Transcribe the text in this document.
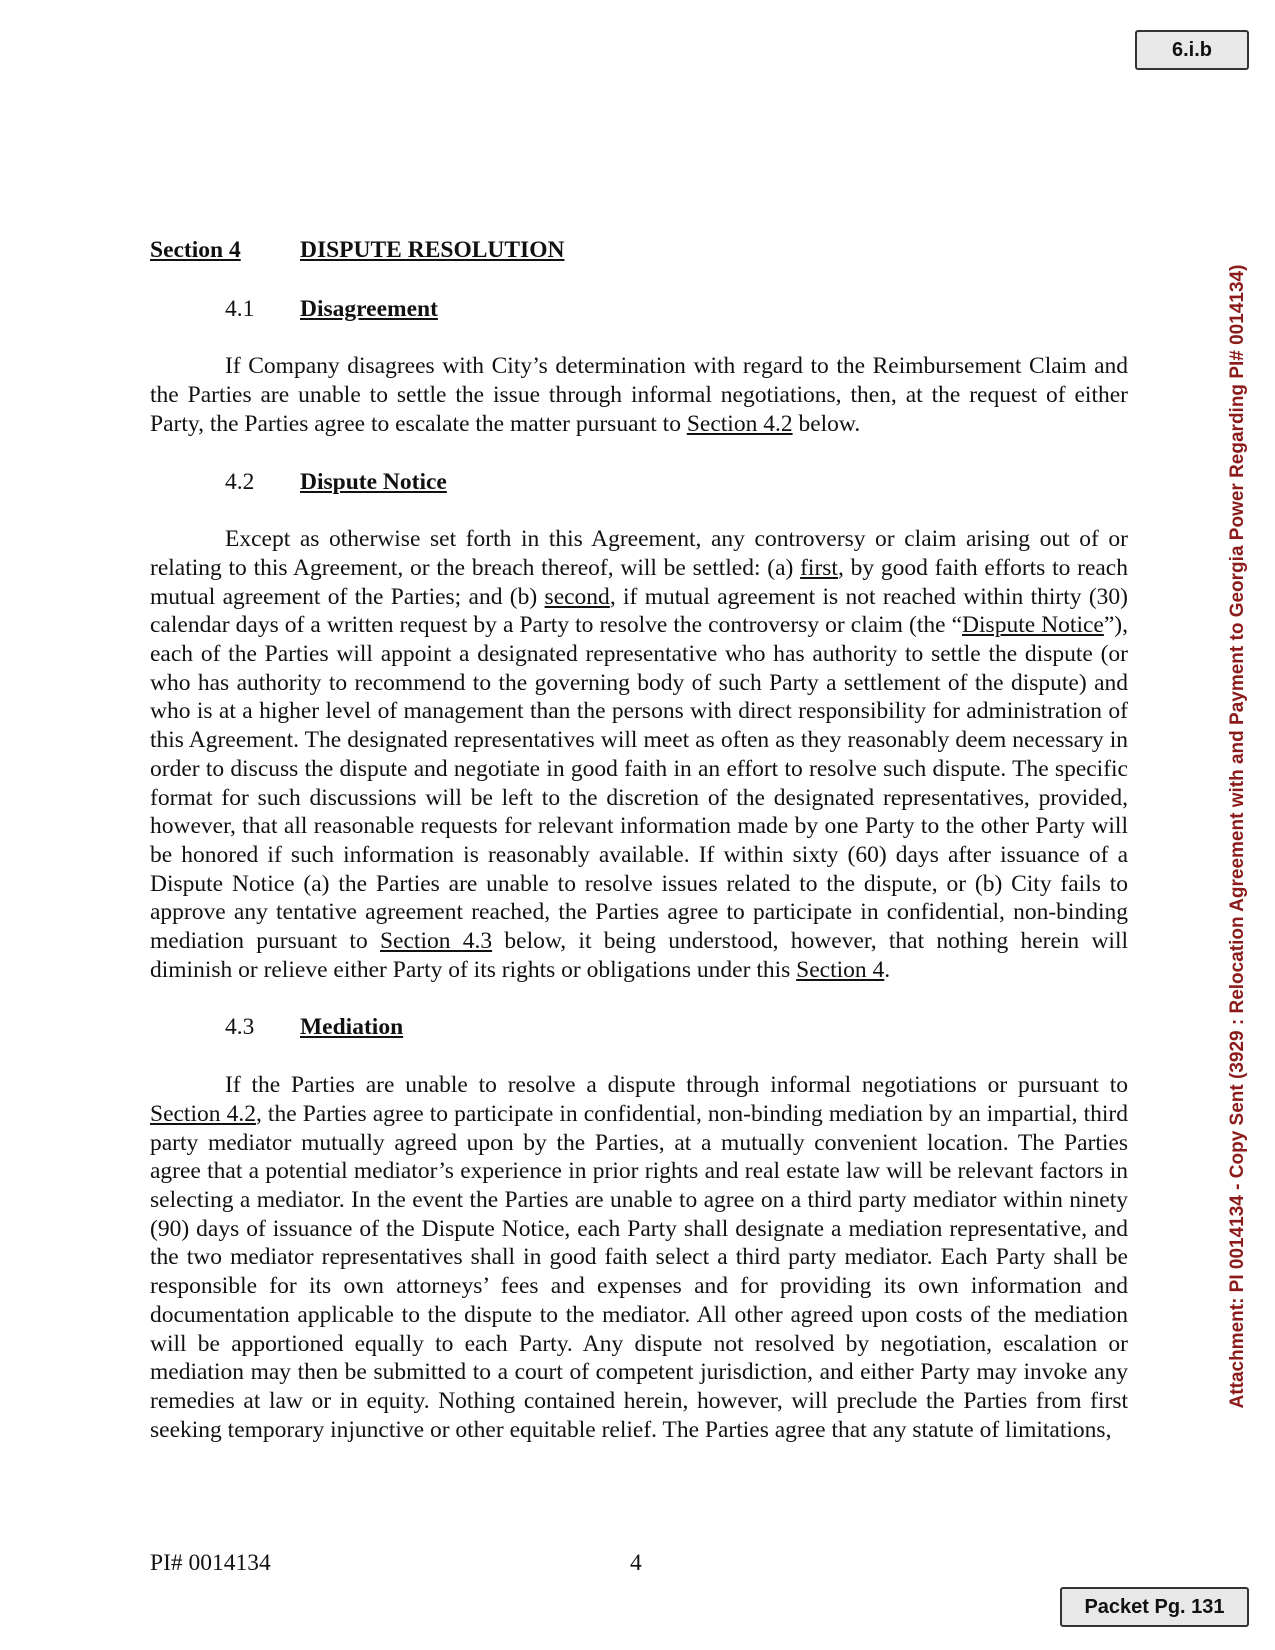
6.i.b
Attachment: PI 0014134 - Copy Sent (3929 : Relocation Agreement with and Payment to Georgia Power Regarding PI# 0014134)
Section 4	DISPUTE RESOLUTION
4.1	Disagreement

If Company disagrees with City’s determination with regard to the Reimbursement Claim and the Parties are unable to settle the issue through informal negotiations, then, at the request of either Party, the Parties agree to escalate the matter pursuant to Section 4.2 below.

4.2	Dispute Notice

Except as otherwise set forth in this Agreement, any controversy or claim arising out of or relating to this Agreement, or the breach thereof, will be settled: (a) first, by good faith efforts to reach mutual agreement of the Parties; and (b) second, if mutual agreement is not reached within thirty (30) calendar days of a written request by a Party to resolve the controversy or claim (the “Dispute Notice”), each of the Parties will appoint a designated representative who has authority to settle the dispute (or who has authority to recommend to the governing body of such Party a settlement of the dispute) and who is at a higher level of management than the persons with direct responsibility for administration of this Agreement. The designated representatives will meet as often as they reasonably deem necessary in order to discuss the dispute and negotiate in good faith in an effort to resolve such dispute. The specific format for such discussions will be left to the discretion of the designated representatives, provided, however, that all reasonable requests for relevant information made by one Party to the other Party will be honored if such information is reasonably available. If within sixty (60) days after issuance of a Dispute Notice (a) the Parties are unable to resolve issues related to the dispute, or (b) City fails to approve any tentative agreement reached, the Parties agree to participate in confidential, non-binding mediation pursuant to Section 4.3 below, it being understood, however, that nothing herein will diminish or relieve either Party of its rights or obligations under this Section 4.

4.3	Mediation

If the Parties are unable to resolve a dispute through informal negotiations or pursuant to Section 4.2, the Parties agree to participate in confidential, non-binding mediation by an impartial, third party mediator mutually agreed upon by the Parties, at a mutually convenient location. The Parties agree that a potential mediator’s experience in prior rights and real estate law will be relevant factors in selecting a mediator. In the event the Parties are unable to agree on a third party mediator within ninety (90) days of issuance of the Dispute Notice, each Party shall designate a mediation representative, and the two mediator representatives shall in good faith select a third party mediator. Each Party shall be responsible for its own attorneys’ fees and expenses and for providing its own information and documentation applicable to the dispute to the mediator. All other agreed upon costs of the mediation will be apportioned equally to each Party. Any dispute not resolved by negotiation, escalation or mediation may then be submitted to a court of competent jurisdiction, and either Party may invoke any remedies at law or in equity. Nothing contained herein, however, will preclude the Parties from first seeking temporary injunctive or other equitable relief. The Parties agree that any statute of limitations,

PI# 0014134	4
Packet Pg. 131
